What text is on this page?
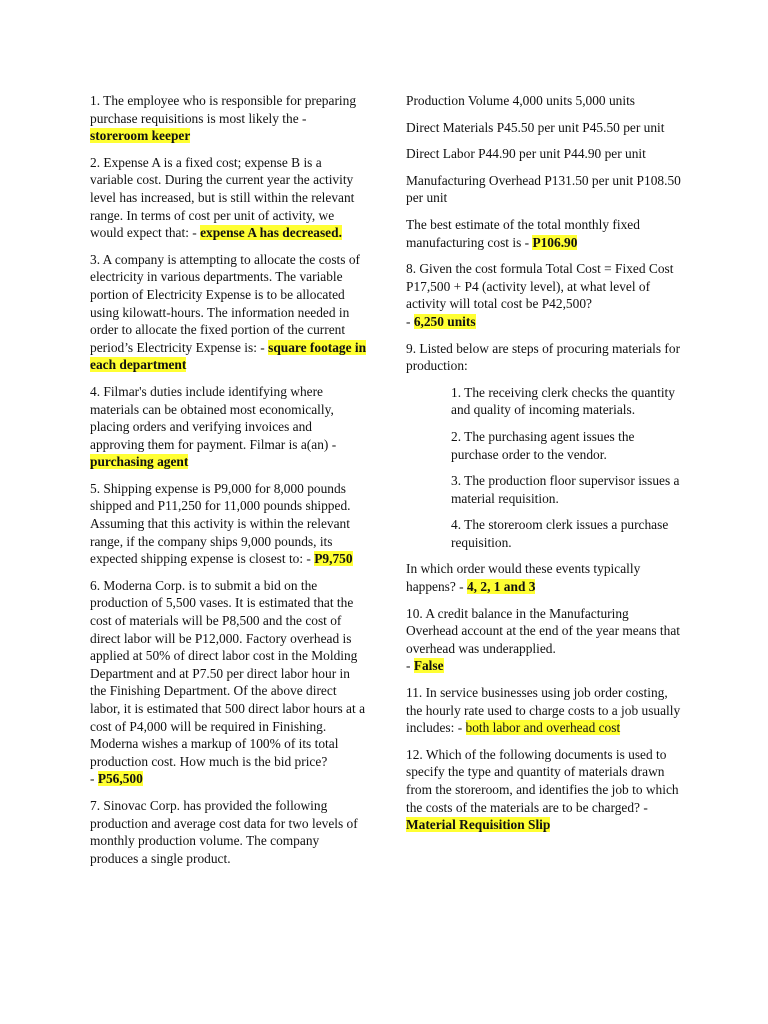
1. The employee who is responsible for preparing purchase requisitions is most likely the - storeroom keeper

2. Expense A is a fixed cost; expense B is a variable cost. During the current year the activity level has increased, but is still within the relevant range. In terms of cost per unit of activity, we would expect that: - expense A has decreased.

3. A company is attempting to allocate the costs of electricity in various departments. The variable portion of Electricity Expense is to be allocated using kilowatt-hours. The information needed in order to allocate the fixed portion of the current period’s Electricity Expense is: - square footage in each department

4. Filmar's duties include identifying where materials can be obtained most economically, placing orders and verifying invoices and approving them for payment. Filmar is a(an) - purchasing agent

5. Shipping expense is P9,000 for 8,000 pounds shipped and P11,250 for 11,000 pounds shipped. Assuming that this activity is within the relevant range, if the company ships 9,000 pounds, its expected shipping expense is closest to: - P9,750

6. Moderna Corp. is to submit a bid on the production of 5,500 vases. It is estimated that the cost of materials will be P8,500 and the cost of direct labor will be P12,000. Factory overhead is applied at 50% of direct labor cost in the Molding Department and at P7.50 per direct labor hour in the Finishing Department. Of the above direct labor, it is estimated that 500 direct labor hours at a cost of P4,000 will be required in Finishing. Moderna wishes a markup of 100% of its total production cost. How much is the bid price?
- P56,500

7. Sinovac Corp. has provided the following production and average cost data for two levels of monthly production volume. The company produces a single product.

Production Volume 4,000 units 5,000 units

Direct Materials P45.50 per unit P45.50 per unit

Direct Labor P44.90 per unit P44.90 per unit

Manufacturing Overhead P131.50 per unit P108.50 per unit

The best estimate of the total monthly fixed manufacturing cost is - P106.90

8. Given the cost formula Total Cost = Fixed Cost P17,500 + P4 (activity level), at what level of activity will total cost be P42,500?
- 6,250 units

9. Listed below are steps of procuring materials for production:

1. The receiving clerk checks the quantity and quality of incoming materials.
2. The purchasing agent issues the purchase order to the vendor.
3. The production floor supervisor issues a material requisition.
4. The storeroom clerk issues a purchase requisition.

In which order would these events typically happens? - 4, 2, 1 and 3

10. A credit balance in the Manufacturing Overhead account at the end of the year means that overhead was underapplied.
- False

11. In service businesses using job order costing, the hourly rate used to charge costs to a job usually includes: - both labor and overhead cost

12. Which of the following documents is used to specify the type and quantity of materials drawn from the storeroom, and identifies the job to which the costs of the materials are to be charged? - Material Requisition Slip
